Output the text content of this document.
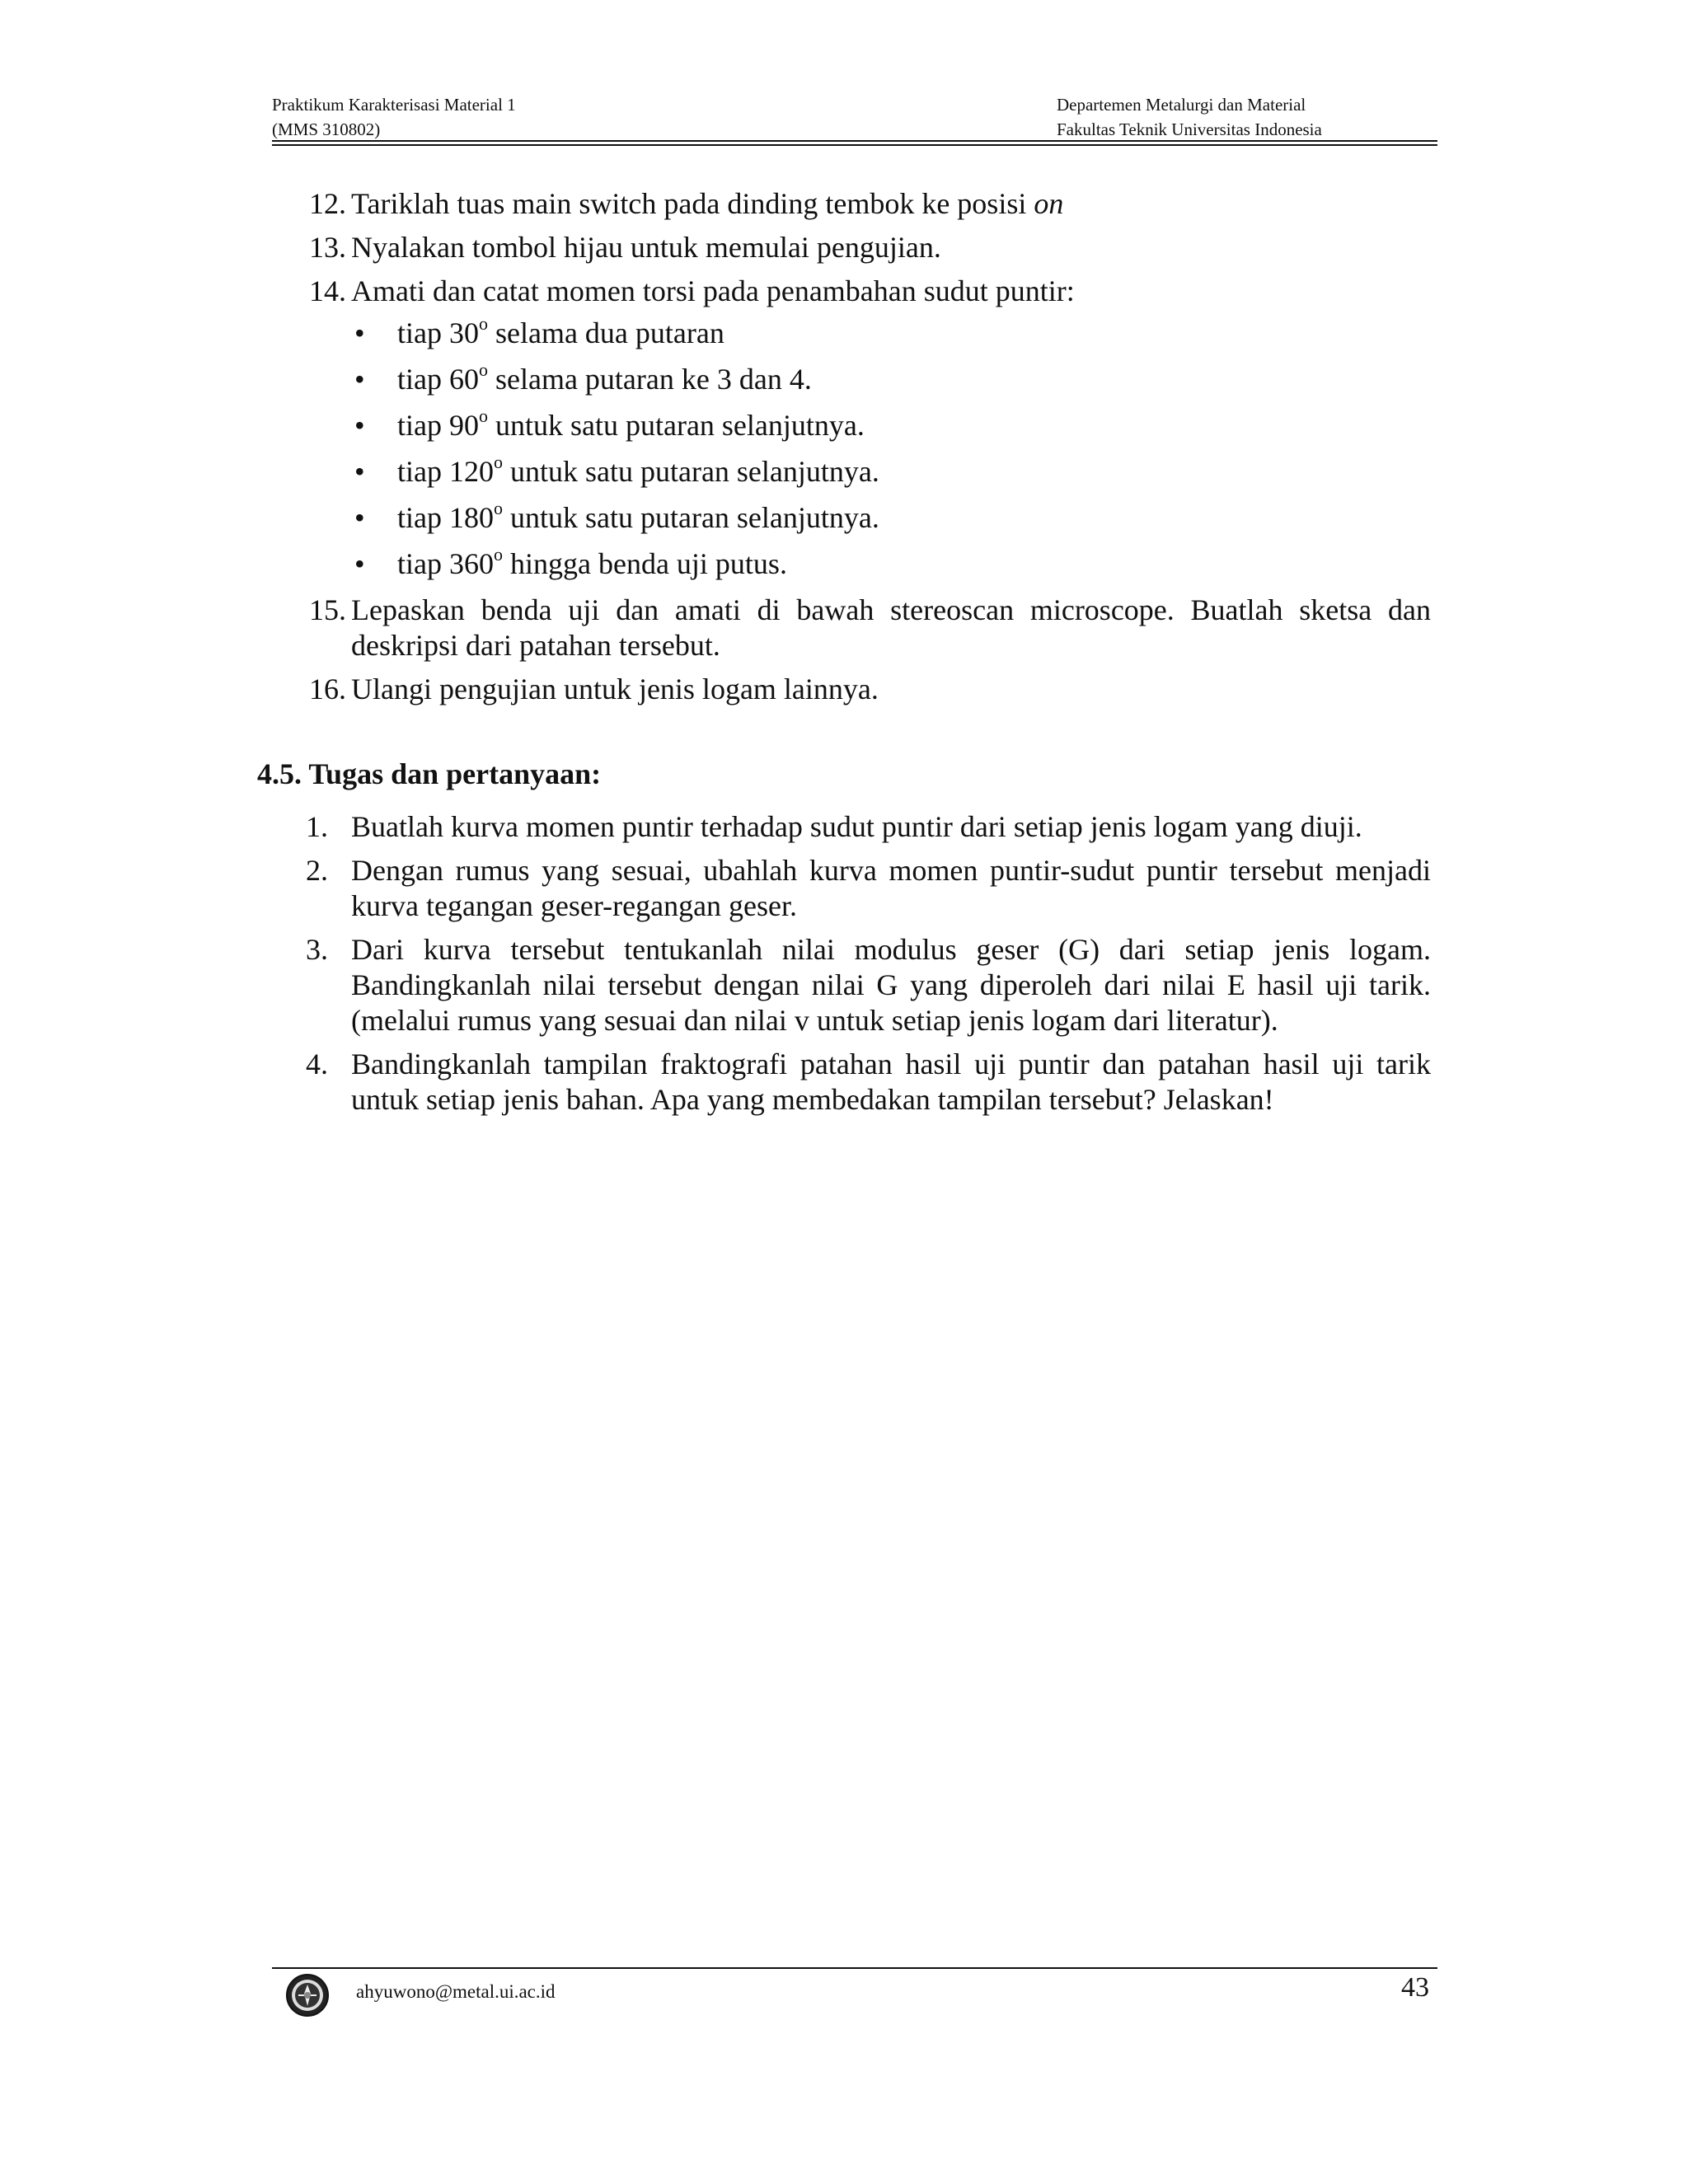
Praktikum Karakterisasi Material 1
(MMS 310802)
Departemen Metalurgi dan Material
Fakultas Teknik Universitas Indonesia
12. Tariklah tuas main switch pada dinding tembok ke posisi on
13. Nyalakan tombol hijau untuk memulai pengujian.
14. Amati dan catat momen torsi pada penambahan sudut puntir:
• tiap 30$^o$ selama dua putaran
• tiap 60$^o$ selama putaran ke 3 dan 4.
• tiap 90$^o$ untuk satu putaran selanjutnya.
• tiap 120$^o$ untuk satu putaran selanjutnya.
• tiap 180$^o$ untuk satu putaran selanjutnya.
• tiap 360$^o$ hingga benda uji putus.
15. Lepaskan benda uji dan amati di bawah stereoscan microscope. Buatlah sketsa dan deskripsi dari patahan tersebut.
16. Ulangi pengujian untuk jenis logam lainnya.
4.5. Tugas dan pertanyaan:
1. Buatlah kurva momen puntir terhadap sudut puntir dari setiap jenis logam yang diuji.
2. Dengan rumus yang sesuai, ubahlah kurva momen puntir-sudut puntir tersebut menjadi kurva tegangan geser-regangan geser.
3. Dari kurva tersebut tentukanlah nilai modulus geser (G) dari setiap jenis logam. Bandingkanlah nilai tersebut dengan nilai G yang diperoleh dari nilai E hasil uji tarik. (melalui rumus yang sesuai dan nilai v untuk setiap jenis logam dari literatur).
4. Bandingkanlah tampilan fraktografi patahan hasil uji puntir dan patahan hasil uji tarik untuk setiap jenis bahan. Apa yang membedakan tampilan tersebut? Jelaskan!
ahyuwono@metal.ui.ac.id	43
